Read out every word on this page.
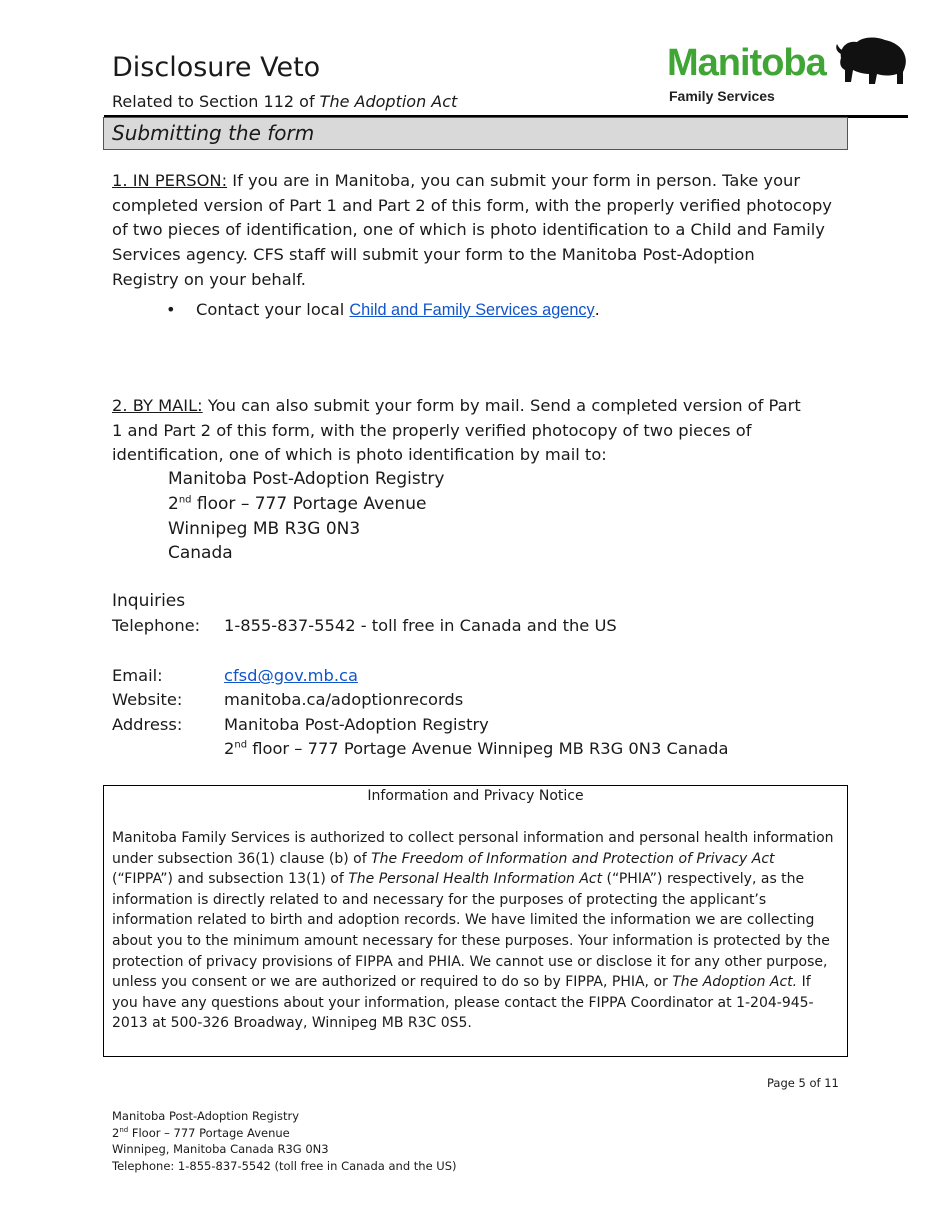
Disclosure Veto
Related to Section 112 of The Adoption Act
Manitoba
Family Services
Submitting the form
1. IN PERSON: If you are in Manitoba, you can submit your form in person. Take your
completed version of Part 1 and Part 2 of this form, with the properly verified photocopy
of two pieces of identification, one of which is photo identification to a Child and Family
Services agency. CFS staff will submit your form to the Manitoba Post-Adoption
Registry on your behalf.
• Contact your local Child and Family Services agency.
2. BY MAIL: You can also submit your form by mail. Send a completed version of Part
1 and Part 2 of this form, with the properly verified photocopy of two pieces of
identification, one of which is photo identification by mail to:
Manitoba Post-Adoption Registry
2nd floor – 777 Portage Avenue
Winnipeg MB R3G 0N3
Canada
Inquiries
Telephone: 1-855-837-5542 - toll free in Canada and the US
Email:	cfsd@gov.mb.ca
Website:	manitoba.ca/adoptionrecords
Address:	Manitoba Post-Adoption Registry
2nd floor – 777 Portage Avenue Winnipeg MB R3G 0N3 Canada
Information and Privacy Notice
Manitoba Family Services is authorized to collect personal information and personal health information under subsection 36(1) clause (b) of The Freedom of Information and Protection of Privacy Act (“FIPPA”) and subsection 13(1) of The Personal Health Information Act (“PHIA”) respectively, as the information is directly related to and necessary for the purposes of protecting the applicant’s information related to birth and adoption records. We have limited the information we are collecting about you to the minimum amount necessary for these purposes. Your information is protected by the protection of privacy provisions of FIPPA and PHIA. We cannot use or disclose it for any other purpose, unless you consent or we are authorized or required to do so by FIPPA, PHIA, or The Adoption Act. If you have any questions about your information, please contact the FIPPA Coordinator at 1-204-945-2013 at 500-326 Broadway, Winnipeg MB R3C 0S5.
Page 5 of 11
Manitoba Post-Adoption Registry
2nd Floor – 777 Portage Avenue
Winnipeg, Manitoba Canada R3G 0N3
Telephone: 1-855-837-5542 (toll free in Canada and the US)
